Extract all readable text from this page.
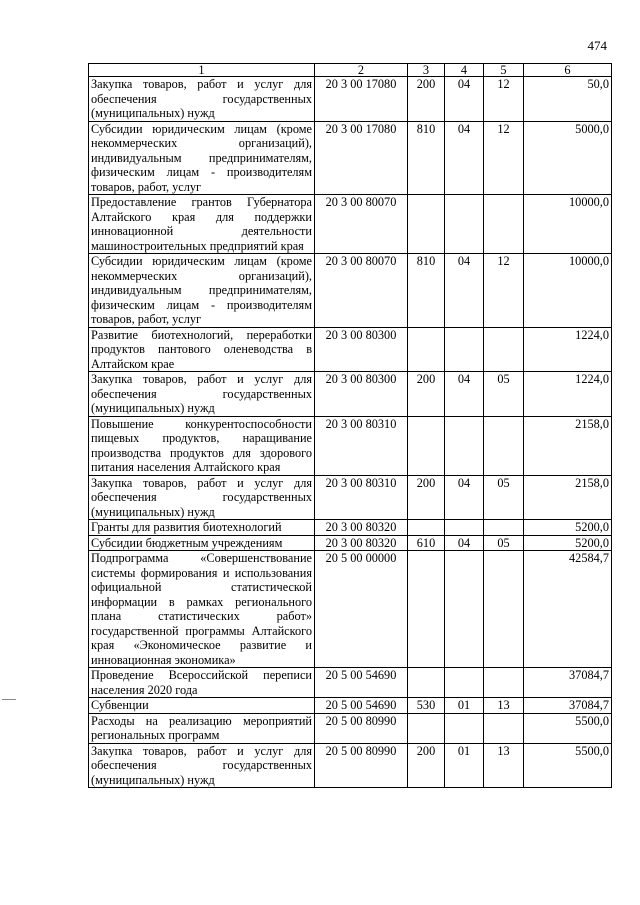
474
1	2	3	4	5	6
Закупка товаров, работ и услуг для обеспечения государственных (муниципальных) нужд	20 3 00 17080	200	04	12	50,0
Субсидии юридическим лицам (кроме некоммерческих организаций), индивидуальным предпринимателям, физическим лицам - производителям товаров, работ, услуг	20 3 00 17080	810	04	12	5000,0
Предоставление грантов Губернатора Алтайского края для поддержки инновационной деятельности машиностроительных предприятий края	20 3 00 80070				10000,0
Субсидии юридическим лицам (кроме некоммерческих организаций), индивидуальным предпринимателям, физическим лицам - производителям товаров, работ, услуг	20 3 00 80070	810	04	12	10000,0
Развитие биотехнологий, переработки продуктов пантового оленеводства в Алтайском крае	20 3 00 80300				1224,0
Закупка товаров, работ и услуг для обеспечения государственных (муниципальных) нужд	20 3 00 80300	200	04	05	1224,0
Повышение конкурентоспособности пищевых продуктов, наращивание производства продуктов для здорового питания населения Алтайского края	20 3 00 80310				2158,0
Закупка товаров, работ и услуг для обеспечения государственных (муниципальных) нужд	20 3 00 80310	200	04	05	2158,0
Гранты для развития биотехнологий	20 3 00 80320				5200,0
Субсидии бюджетным учреждениям	20 3 00 80320	610	04	05	5200,0
Подпрограмма «Совершенствование системы формирования и использования официальной статистической информации в рамках регионального плана статистических работ» государственной программы Алтайского края «Экономическое развитие и инновационная экономика»	20 5 00 00000				42584,7
Проведение Всероссийской переписи населения 2020 года	20 5 00 54690				37084,7
Субвенции	20 5 00 54690	530	01	13	37084,7
Расходы на реализацию мероприятий региональных программ	20 5 00 80990				5500,0
Закупка товаров, работ и услуг для обеспечения государственных (муниципальных) нужд	20 5 00 80990	200	01	13	5500,0
